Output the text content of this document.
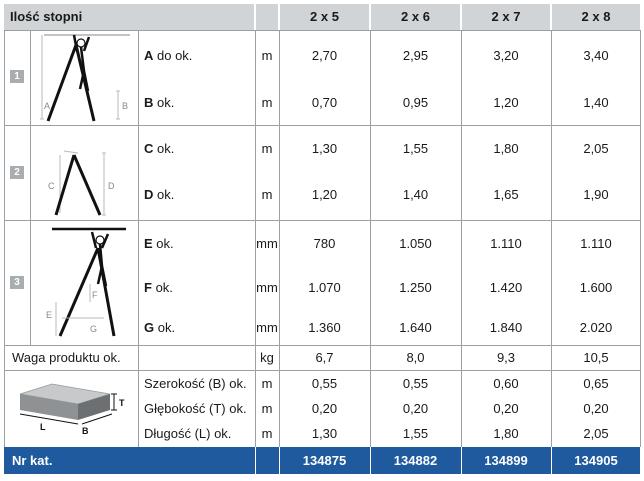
Ilość stopni	2 x 5	2 x 6	2 x 7	2 x 8
1
2
3
A	B
C	D
E
F
G
T
L	B
A do ok.	m	2,70	2,95	3,20	3,40
B ok.	m	0,70	0,95	1,20	1,40
C ok.	m	1,30	1,55	1,80	2,05
D ok.	m	1,20	1,40	1,65	1,90
E ok.	mm	780	1.050	1.110	1.110
F ok.	mm	1.070	1.250	1.420	1.600
G ok.	mm	1.360	1.640	1.840	2.020
Szerokość (B) ok.	m	0,55	0,55	0,60	0,65
Głębokość (T) ok.	m	0,20	0,20	0,20	0,20
Długość (L) ok.	m	1,30	1,55	1,80	2,05
Waga produktu ok.	kg	6,7	8,0	9,3	10,5
Nr kat.	134875	134882	134899	134905
